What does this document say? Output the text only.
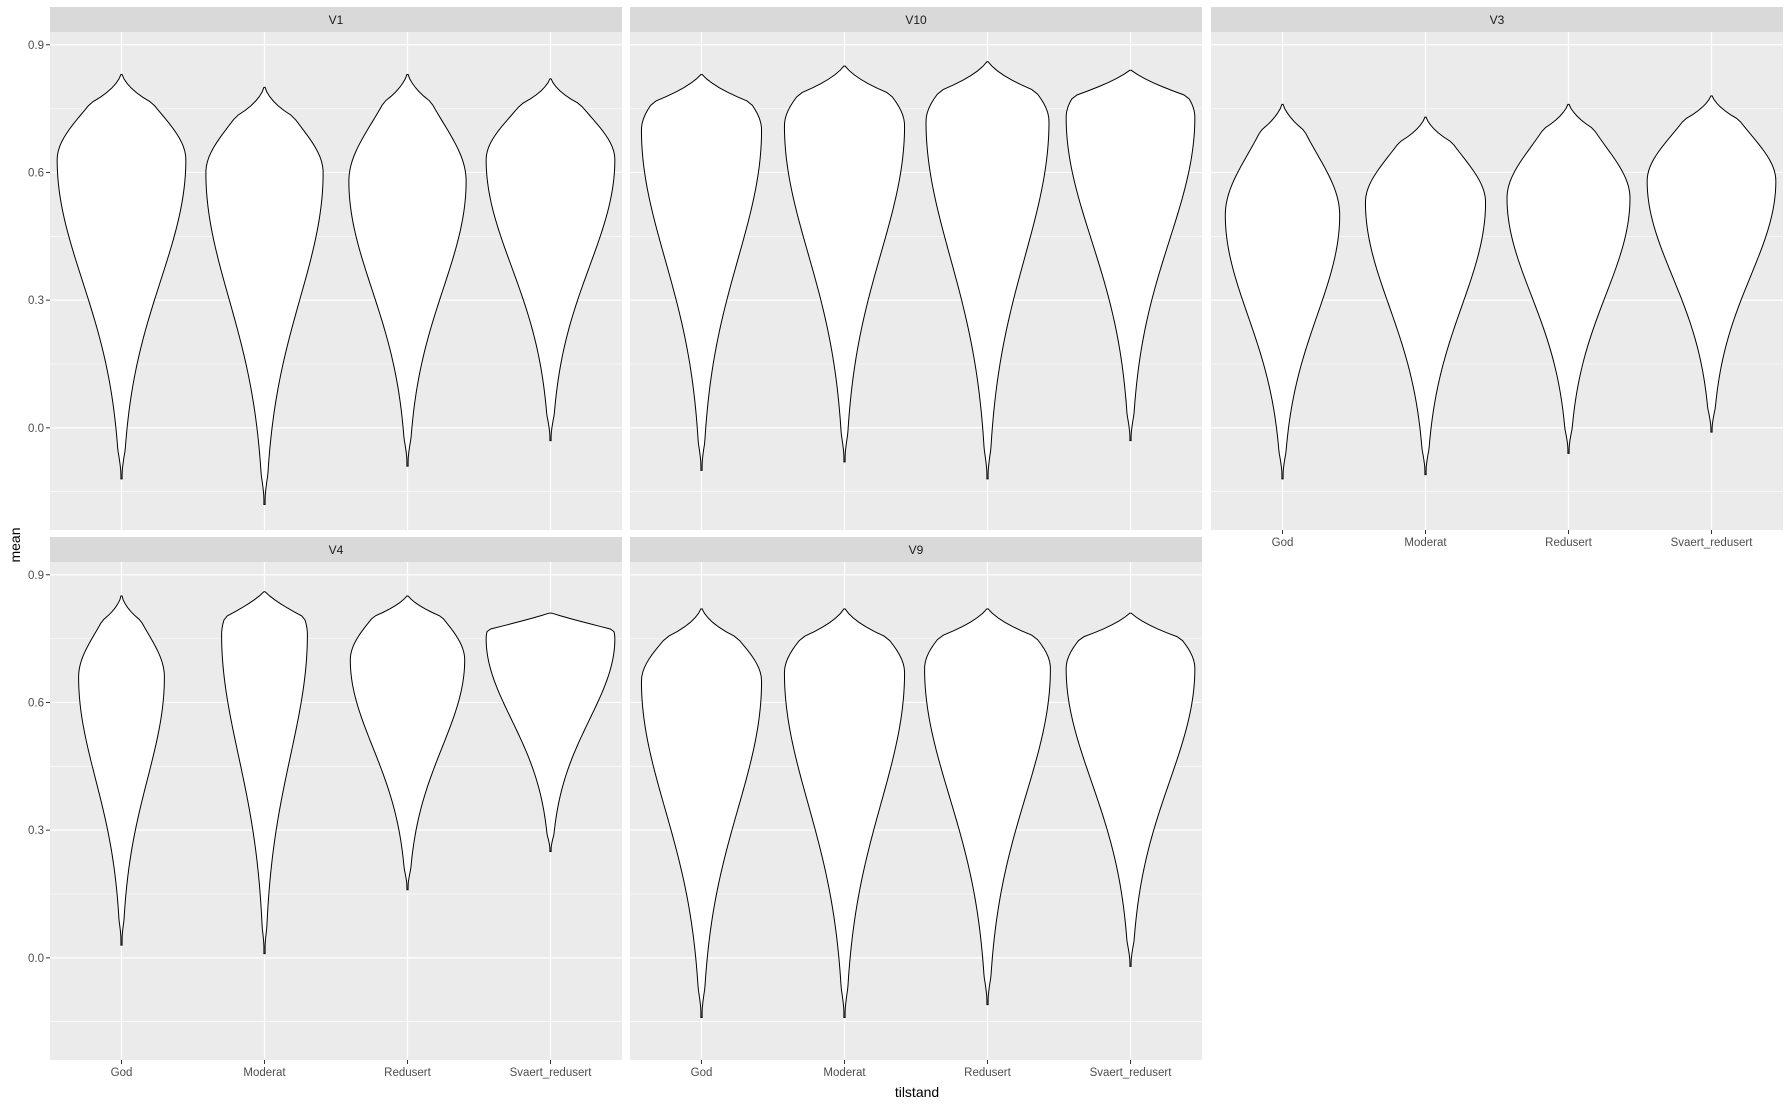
V1
0.0
0.3
0.6
0.9
V10	V3
God	Moderat	Redusert	Svaert_redusert
V4
0.0
0.3
0.6
0.9
God	Moderat	Redusert	Svaert_redusert
V9
God	Moderat	Redusert	Svaert_redusert
tilstand
mean
